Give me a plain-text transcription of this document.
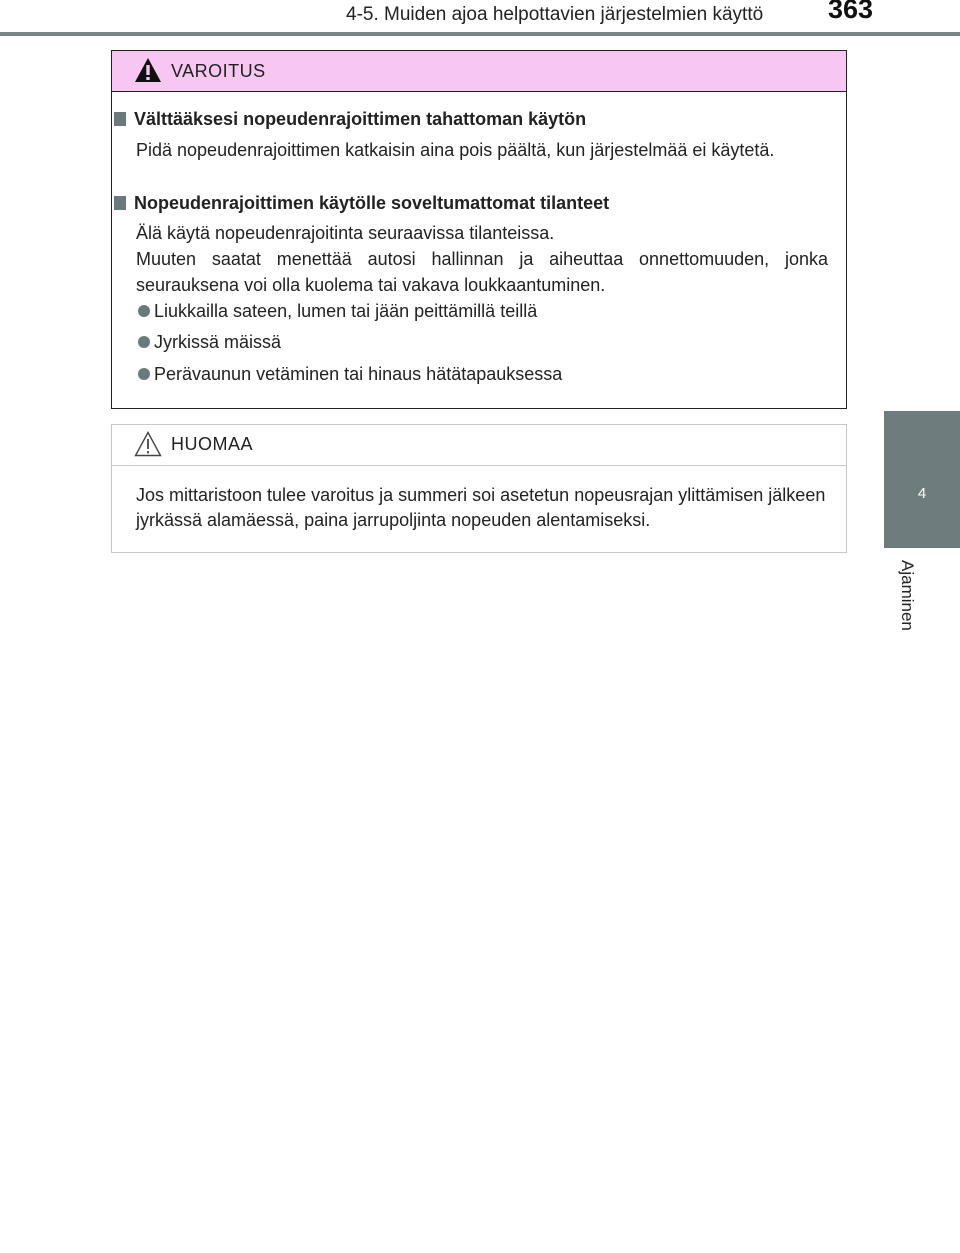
4-5. Muiden ajoa helpottavien järjestelmien käyttö	363
4
Ajaminen
VAROITUS
Välttääksesi nopeudenrajoittimen tahattoman käytön
Pidä nopeudenrajoittimen katkaisin aina pois päältä, kun järjestelmää ei käytetä.
Nopeudenrajoittimen käytölle soveltumattomat tilanteet
Älä käytä nopeudenrajoitinta seuraavissa tilanteissa.
Muuten saatat menettää autosi hallinnan ja aiheuttaa onnettomuuden, jonka seurauksena voi olla kuolema tai vakava loukkaantuminen.
Liukkailla sateen, lumen tai jään peittämillä teillä
Jyrkissä mäissä
Perävaunun vetäminen tai hinaus hätätapauksessa
HUOMAA
Jos mittaristoon tulee varoitus ja summeri soi asetetun nopeusrajan ylittämisen jälkeen jyrkässä alamäessä, paina jarrupoljinta nopeuden alentamiseksi.
